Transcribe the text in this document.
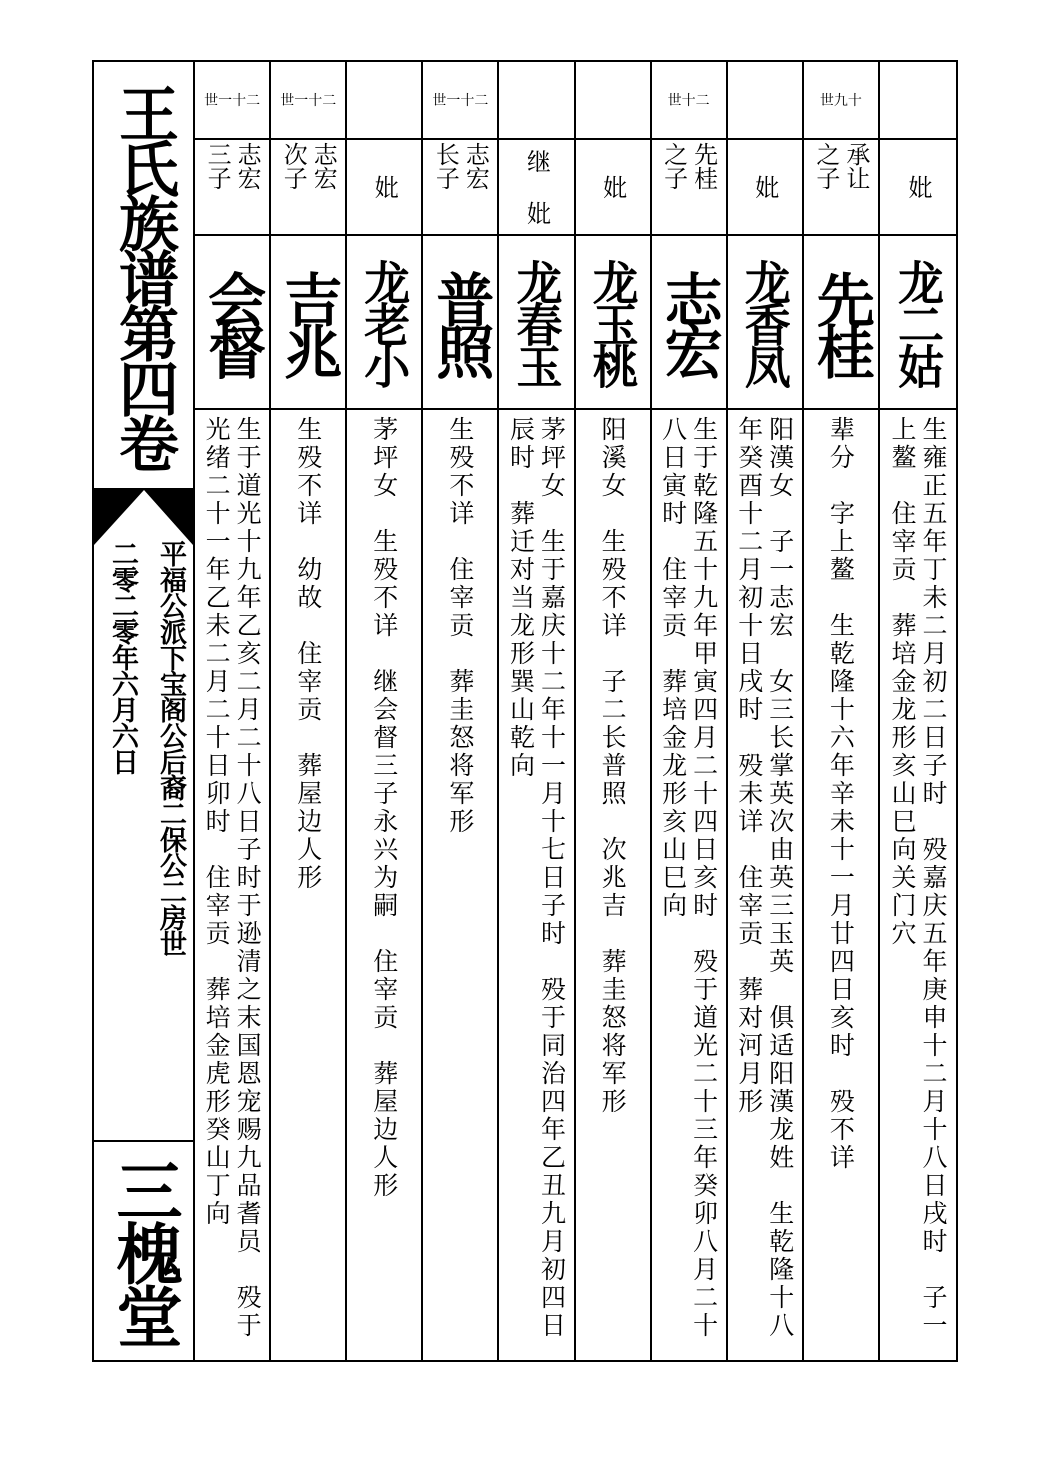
王氏族谱第四卷
平福公派下宝阁公后裔二保公二房世
二零二零年六月六日
三槐堂
妣
龙二姑
生雍正五年丁未二月初二日子时　殁嘉庆五年庚申十二月十八日戌时　子一
上鳌　住宰贡　葬培金龙形亥山巳向关门穴
世九十
承让 之子
先桂
辈分　字上鳌　生乾隆十六年辛未十一月廿四日亥时　殁不详
妣
龙香凤
阳漢女　子一志宏　女三长掌英次由英三玉英　俱适阳漢龙姓　生乾隆十八
年癸酉十二月初十日戌时　殁未详　住宰贡　葬对河月形
世十二
先桂 之子
志宏
生于乾隆五十九年甲寅四月二十四日亥时　殁于道光二十三年癸卯八月二十
八日寅时　住宰贡　葬培金龙形亥山巳向
妣
龙玉桃
阳溪女　生殁不详　子二长普照　次兆吉　葬圭怒将军形
继 妣
龙春玉
茅坪女　生于嘉庆十二年十一月十七日子时　殁于同治四年乙丑九月初四日
辰时　葬迁对当龙形巽山乾向
世一十二
志宏 长子
普照
生殁不详　住宰贡　葬圭怒将军形
妣
龙老小
茅坪女　生殁不详　继会督三子永兴为嗣　住宰贡　葬屋边人形
世一十二
志宏 次子
吉兆
生殁不详　幼故　住宰贡　葬屋边人形
世一十二
志宏 三子
会督
生于道光十九年乙亥二月二十八日子时于逊清之末国恩宠赐九品耆员　殁于
光绪二十一年乙未二月二十日卯时　住宰贡　葬培金虎形癸山丁向
